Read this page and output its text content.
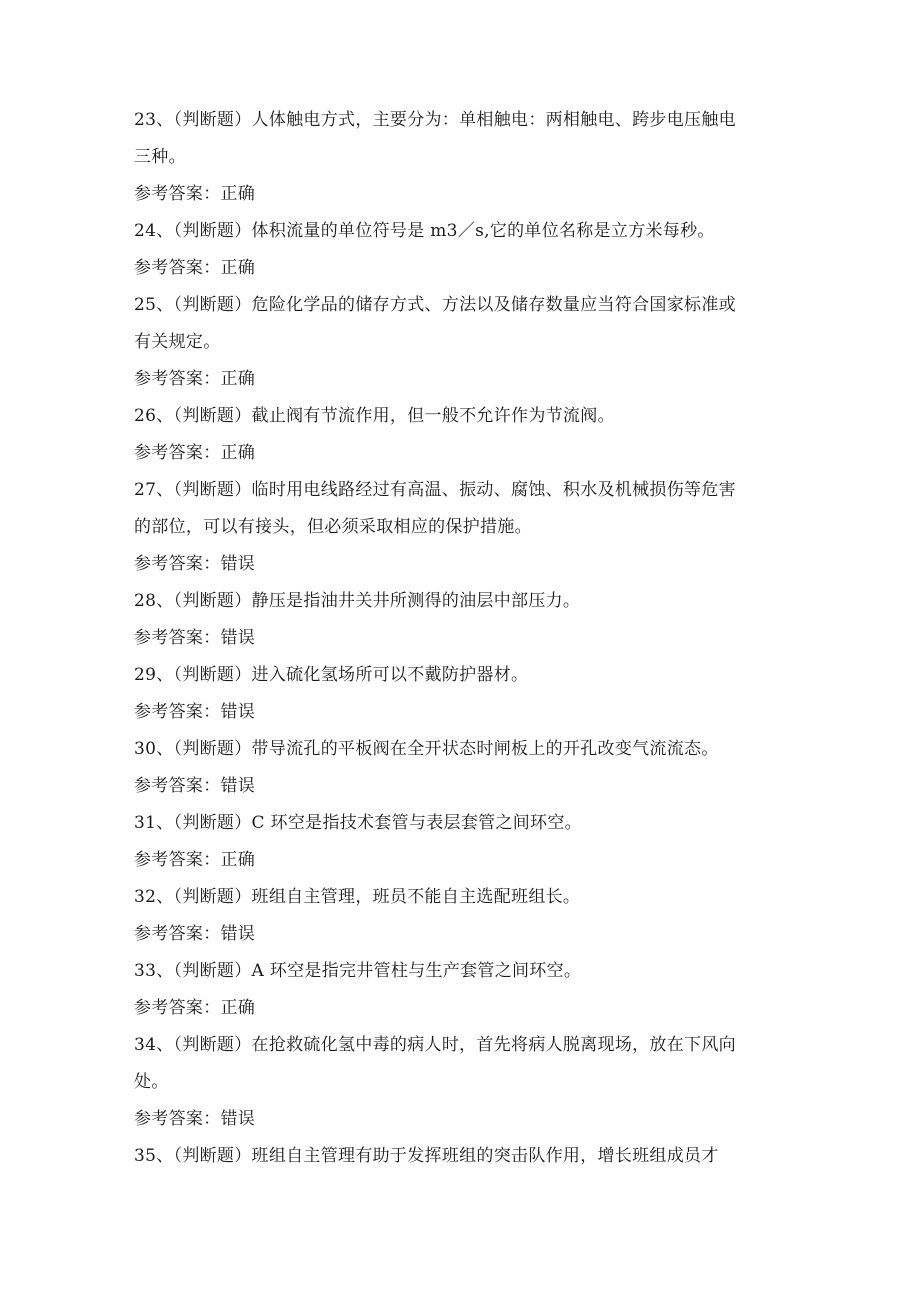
23、（判断题）人体触电方式，主要分为：单相触电：两相触电、跨步电压触电
三种。
参考答案：正确
24、（判断题）体积流量的单位符号是 m3／s,它的单位名称是立方米每秒。
参考答案：正确
25、（判断题）危险化学品的储存方式、方法以及储存数量应当符合国家标准或
有关规定。
参考答案：正确
26、（判断题）截止阀有节流作用，但一般不允许作为节流阀。
参考答案：正确
27、（判断题）临时用电线路经过有高温、振动、腐蚀、积水及机械损伤等危害
的部位，可以有接头，但必须采取相应的保护措施。
参考答案：错误
28、（判断题）静压是指油井关井所测得的油层中部压力。
参考答案：错误
29、（判断题）进入硫化氢场所可以不戴防护器材。
参考答案：错误
30、（判断题）带导流孔的平板阀在全开状态时闸板上的开孔改变气流流态。
参考答案：错误
31、（判断题）C 环空是指技术套管与表层套管之间环空。
参考答案：正确
32、（判断题）班组自主管理，班员不能自主选配班组长。
参考答案：错误
33、（判断题）A 环空是指完井管柱与生产套管之间环空。
参考答案：正确
34、（判断题）在抢救硫化氢中毒的病人时，首先将病人脱离现场，放在下风向
处。
参考答案：错误
35、（判断题）班组自主管理有助于发挥班组的突击队作用，增长班组成员才
